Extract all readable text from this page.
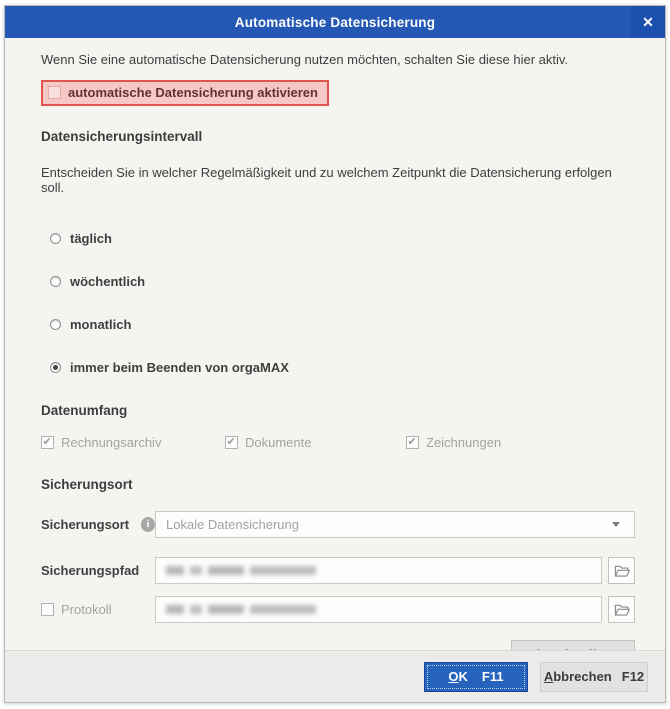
Automatische Datensicherung	✕
Wenn Sie eine automatische Datensicherung nutzen möchten, schalten Sie diese hier aktiv.
automatische Datensicherung aktivieren
Datensicherungsintervall
Entscheiden Sie in welcher Regelmäßigkeit und zu welchem Zeitpunkt die Datensicherung erfolgen soll.
täglich
wöchentlich
monatlich
immer beim Beenden von orgaMAX
Datenumfang
✔
Rechnungsarchiv ✔	Dokumente ✔	Zeichnungen
Sicherungsort
Sicherungsort	i	Lokale Datensicherung
Sicherungspfad
Protokoll
OK F11	Abbrechen F12
